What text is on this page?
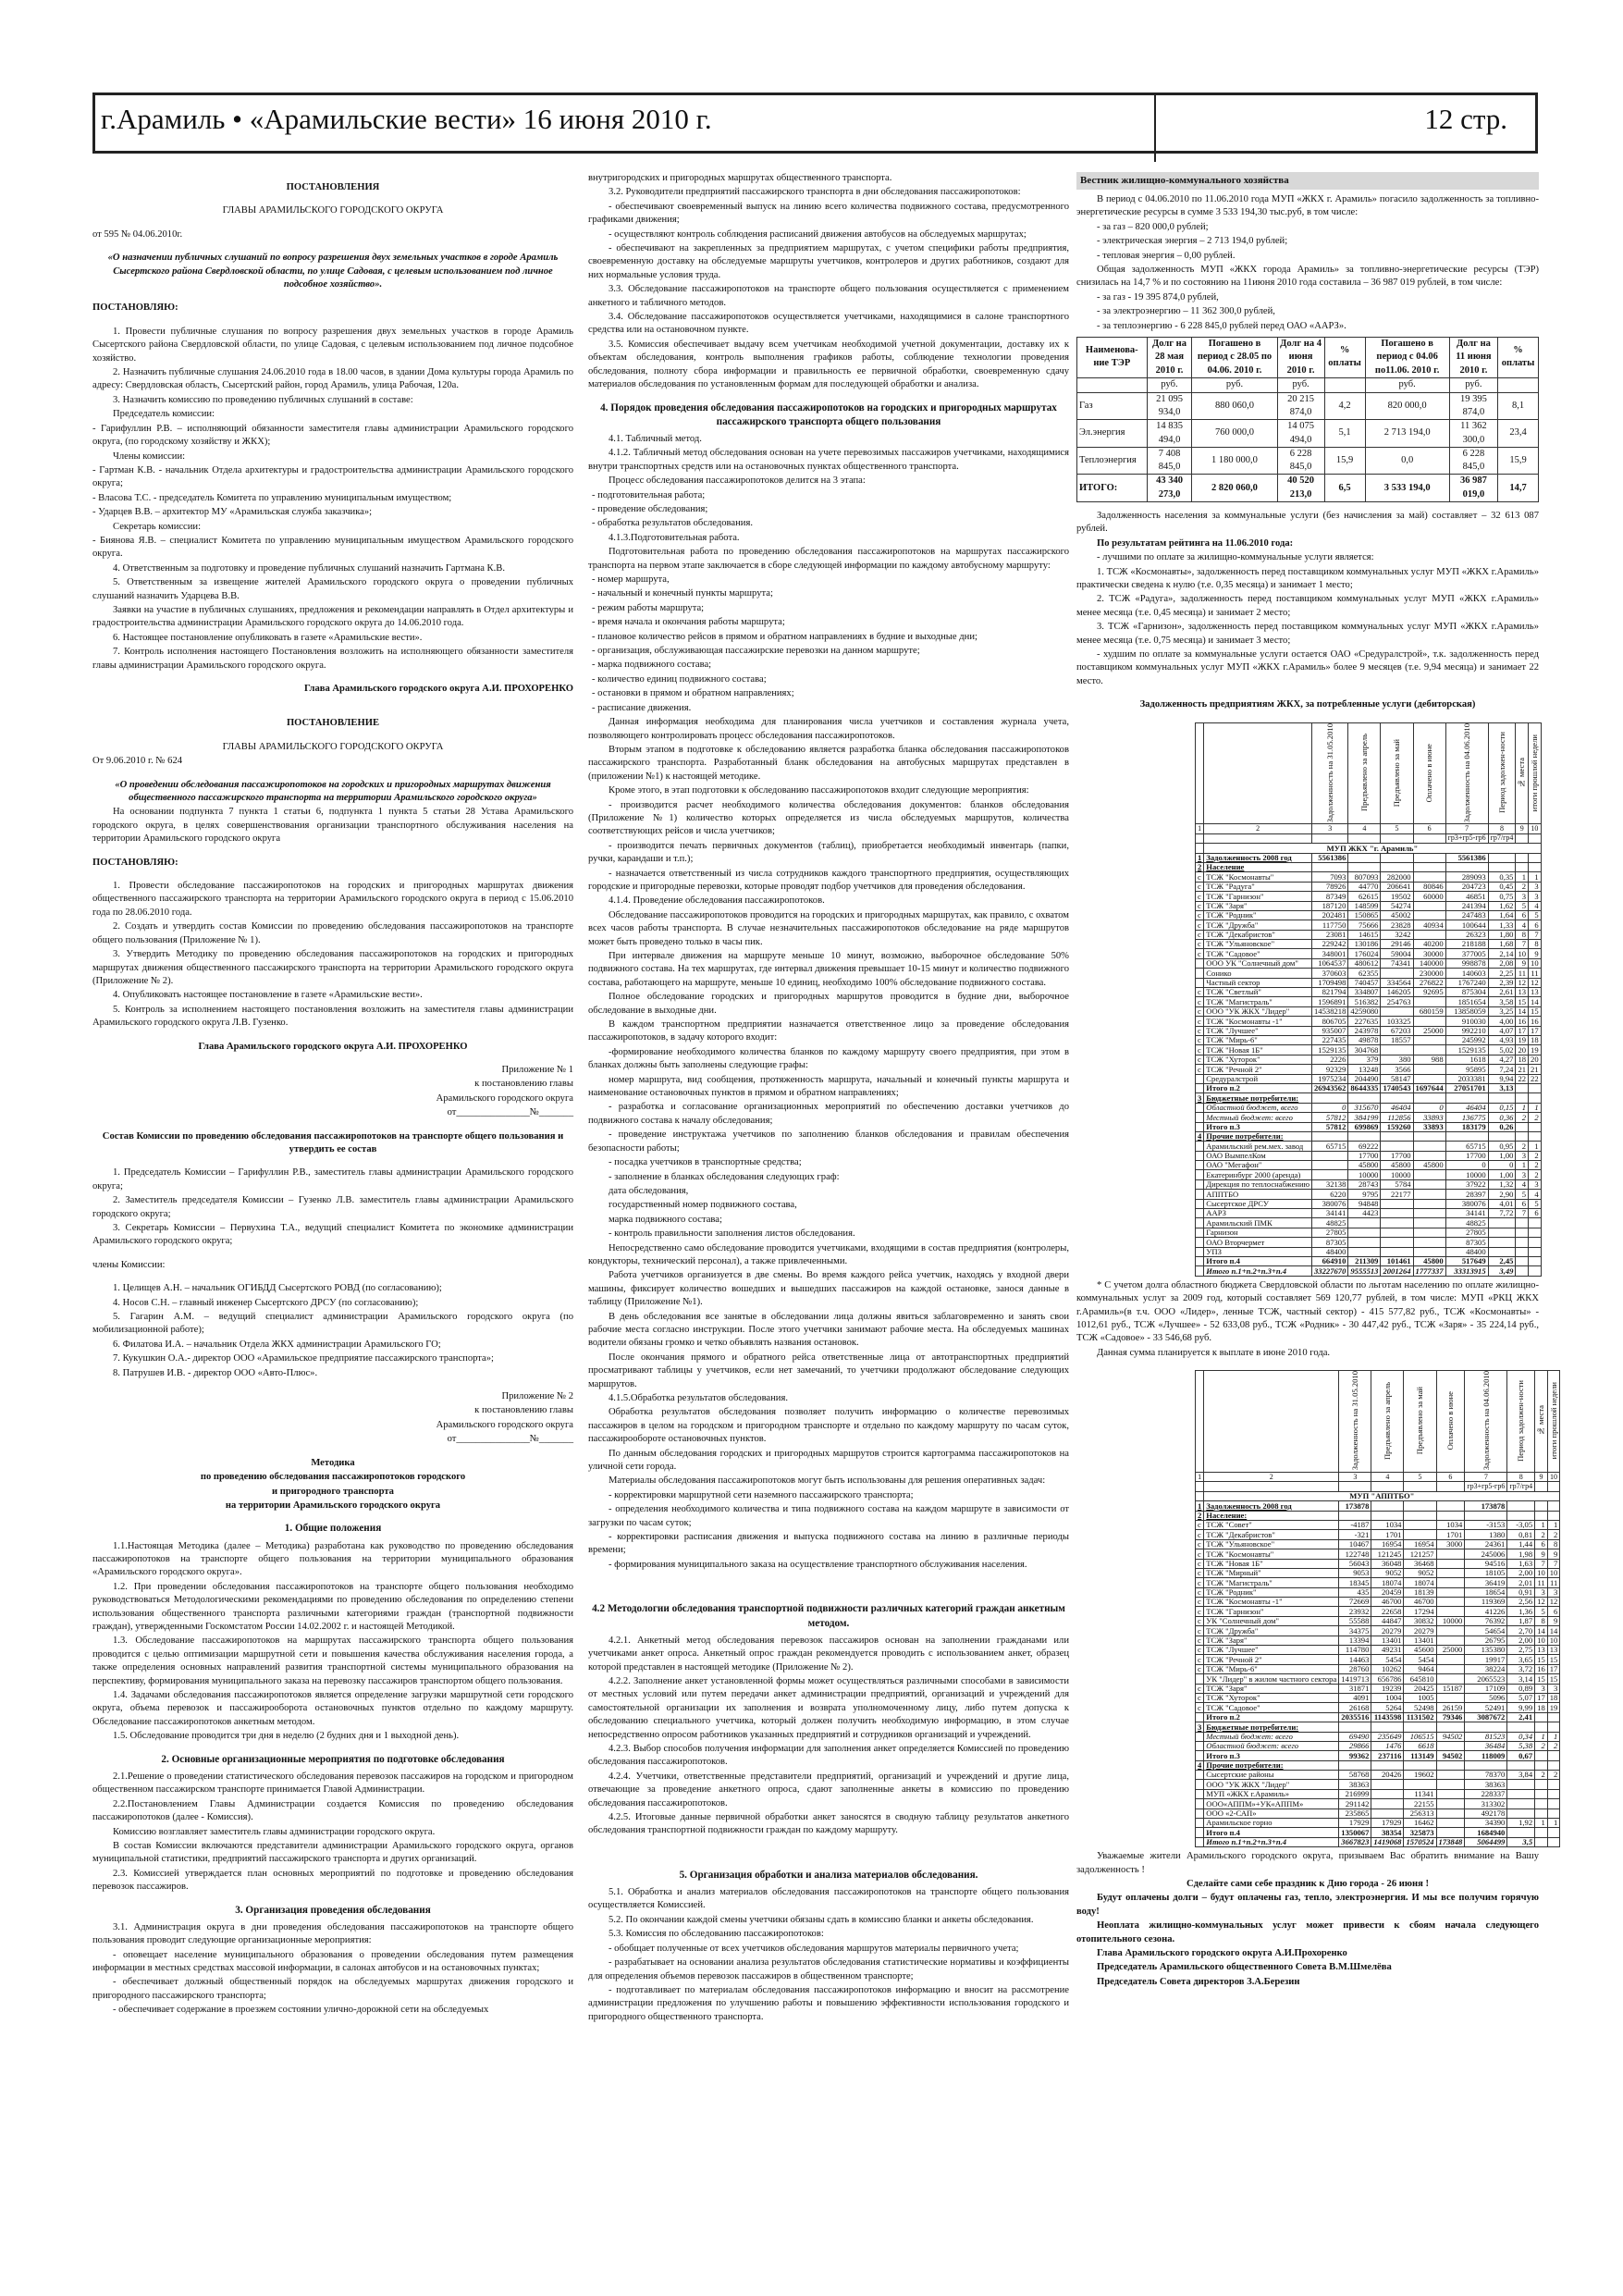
г.Арамиль • «Арамильские вести» 16 июня 2010 г.	12 стр.

ПОСТАНОВЛЕНИЯ

ГЛАВЫ АРАМИЛЬСКОГО ГОРОДСКОГО ОКРУГА

от 595 № 04.06.2010г.

«О назначении публичных слушаний по вопросу разрешения двух земельных участков в городе Арамиль Сысертского района Свердловской области, по улице Садовая, с целевым использованием под личное подсобное хозяйство».

ПОСТАНОВЛЯЮ:

1. Провести публичные слушания по вопросу разрешения двух земельных участков в городе Арамиль Сысертского района Свердловской области, по улице Садовая, с целевым использованием под личное подсобное хозяйство.

2. Назначить публичные слушания 24.06.2010 года в 18.00 часов, в здании Дома культуры города Арамиль по адресу: Свердловская область, Сысертский район, город Арамиль, улица Рабочая, 120а.

3. Назначить комиссию по проведению публичных слушаний в составе:

Председатель комиссии:

- Гарифуллин Р.В. – исполняющий обязанности заместителя главы администрации Арамильского городского округа, (по городскому хозяйству и ЖКХ);

Члены комиссии:

- Гартман К.В. - начальник Отдела архитектуры и градостроительства администрации Арамильского городского округа;

- Власова Т.С. - председатель Комитета по управлению муниципальным имуществом;

- Ударцев В.В. – архитектор МУ «Арамильская служба заказчика»;

Секретарь комиссии:

- Биянова Я.В. – специалист Комитета по управлению муниципальным имуществом Арамильского городского округа.

4. Ответственным за подготовку и проведение публичных слушаний назначить Гартмана К.В.

5. Ответственным за извещение жителей Арамильского городского округа о проведении публичных слушаний назначить Ударцева В.В.

Заявки на участие в публичных слушаниях, предложения и рекомендации направлять в Отдел архитектуры и градостроительства администрации Арамильского городского округа до 14.06.2010 года.

6. Настоящее постановление опубликовать в газете «Арамильские вести».

7. Контроль исполнения настоящего Постановления возложить на исполняющего обязанности заместителя главы администрации Арамильского городского округа.

Глава Арамильского городского округа А.И. ПРОХОРЕНКО

ПОСТАНОВЛЕНИЕ

ГЛАВЫ АРАМИЛЬСКОГО ГОРОДСКОГО ОКРУГА

От 9.06.2010 г. № 624

«О проведении обследования пассажиропотоков на городских и пригородных маршрутах движения общественного пассажирского транспорта на территории Арамильского городского округа»

На основании подпункта 7 пункта 1 статьи 6, подпункта 1 пункта 5 статьи 28 Устава Арамильского городского округа, в целях совершенствования организации транспортного обслуживания населения на территории Арамильского городского округа

ПОСТАНОВЛЯЮ:

1. Провести обследование пассажиропотоков на городских и пригородных маршрутах движения общественного пассажирского транспорта на территории Арамильского городского округа в период с 15.06.2010 года по 28.06.2010 года.

2. Создать и утвердить состав Комиссии по проведению обследования пассажиропотоков на транспорте общего пользования (Приложение № 1).

3. Утвердить Методику по проведению обследования пассажиропотоков на городских и пригородных маршрутах движения общественного пассажирского транспорта на территории Арамильского городского округа (Приложение № 2).

4. Опубликовать настоящее постановление в газете «Арамильские вести».

5. Контроль за исполнением настоящего постановления возложить на заместителя главы администрации Арамильского городского округа Л.В. Гузенко.

Глава Арамильского городского округа А.И. ПРОХОРЕНКО

Приложение № 1

к постановлению главы

Арамильского городского округа

от_______________№_______

Состав Комиссии по проведению обследования пассажиропотоков на транспорте общего пользования и утвердить ее состав

1. Председатель Комиссии – Гарифуллин Р.В., заместитель главы администрации Арамильского городского округа;

2. Заместитель председателя Комиссии – Гузенко Л.В. заместитель главы администрации Арамильского городского округа;

3. Секретарь Комиссии – Первухина Т.А., ведущий специалист Комитета по экономике администрации Арамильского городского округа;

члены Комиссии:

1. Целищев А.Н. – начальник ОГИБДД Сысертского РОВД (по согласованию);

4. Носов С.Н. – главный инженер Сысертского ДРСУ (по согласованию);

5. Гагарин А.М. – ведущий специалист администрации Арамильского городского округа (по мобилизационной работе);

6. Филатова И.А. – начальник Отдела ЖКХ администрации Арамильского ГО;

7. Кукушкин О.А.- директор ООО «Арамильское предприятие пассажирского транспорта»;

8. Патрушев И.В. - директор ООО «Авто-Плюс».

Приложение № 2

к постановлению главы

Арамильского городского округа

от_______________№_______

Методика

по проведению обследования пассажиропотоков городского

и пригородного транспорта

на территории Арамильского городского округа

1. Общие положения

1.1.Настоящая Методика (далее – Методика) разработана как руководство по проведению обследования пассажиропотоков на транспорте общего пользования на территории муниципального образования «Арамильского городского округа».

1.2. При проведении обследования пассажиропотоков на транспорте общего пользования необходимо руководствоваться Методологическими рекомендациями по проведению обследования по определению степени использования общественного транспорта различными категориями граждан (транспортной подвижности граждан), утвержденными Госкомстатом России 14.02.2002 г. и настоящей Методикой.

1.3. Обследование пассажиропотоков на маршрутах пассажирского транспорта общего пользования проводится с целью оптимизации маршрутной сети и повышения качества обслуживания населения города, а также определения основных направлений развития транспортной системы муниципального образования на перспективу, формирования муниципального заказа на перевозку пассажиров транспортом общего пользования.

1.4. Задачами обследования пассажиропотоков является определение загрузки маршрутной сети городского округа, объема перевозок и пассажирооборота остановочных пунктов отдельно по каждому маршруту. Обследование пассажиропотоков анкетным методом.

1.5. Обследование проводится три дня в неделю (2 будних дня и 1 выходной день).

2. Основные организационные мероприятия по подготовке обследования

2.1.Решение о проведении статистического обследования перевозок пассажиров на городском и пригородном общественном пассажирском транспорте принимается Главой Администрации.

2.2.Постановлением Главы Администрации создается Комиссия по проведению обследования пассажиропотоков (далее - Комиссия).

Комиссию возглавляет заместитель главы администрации городского округа.

В состав Комиссии включаются представители администрации Арамильского городского округа, органов муниципальной статистики, предприятий пассажирского транспорта и других организаций.

2.3. Комиссией утверждается план основных мероприятий по подготовке и проведению обследования перевозок пассажиров.

3. Организация проведения обследования

3.1. Администрация округа в дни проведения обследования пассажиропотоков на транспорте общего пользования проводит следующие организационные мероприятия:

- оповещает население муниципального образования о проведении обследования путем размещения информации в местных средствах массовой информации, в салонах автобусов и на остановочных пунктах;

- обеспечивает должный общественный порядок на обследуемых маршрутах движения городского и пригородного пассажирского транспорта;

- обеспечивает содержание в проезжем состоянии улично-дорожной сети на обследуемых

внутригородских и пригородных маршрутах общественного транспорта.

3.2. Руководители предприятий пассажирского транспорта в дни обследования пассажиропотоков:

- обеспечивают своевременный выпуск на линию всего количества подвижного состава, предусмотренного графиками движения;

- осуществляют контроль соблюдения расписаний движения автобусов на обследуемых маршрутах;

- обеспечивают на закрепленных за предприятием маршрутах, с учетом специфики работы предприятия, своевременную доставку на обследуемые маршруты учетчиков, контролеров и других работников, создают для них нормальные условия труда.

3.3. Обследование пассажиропотоков на транспорте общего пользования осуществляется с применением анкетного и табличного методов.

3.4. Обследование пассажиропотоков осуществляется учетчиками, находящимися в салоне транспортного средства или на остановочном пункте.

3.5. Комиссия обеспечивает выдачу всем учетчикам необходимой учетной документации, доставку их к объектам обследования, контроль выполнения графиков работы, соблюдение технологии проведения обследования, полноту сбора информации и правильность ее первичной обработки, своевременную сдачу материалов обследования по установленным формам для последующей обработки и анализа.

4. Порядок проведения обследования пассажиропотоков на городских и пригородных маршрутах пассажирского транспорта общего пользования

4.1. Табличный метод.

4.1.2. Табличный метод обследования основан на учете перевозимых пассажиров учетчиками, находящимися внутри транспортных средств или на остановочных пунктах общественного транспорта.

Процесс обследования пассажиропотоков делится на 3 этапа:

- подготовительная работа;

- проведение обследования;

- обработка результатов обследования.

4.1.3.Подготовительная работа.

Подготовительная работа по проведению обследования пассажиропотоков на маршрутах пассажирского транспорта на первом этапе заключается в сборе следующей информации по каждому автобусному маршруту:

- номер маршрута,

- начальный и конечный пункты маршрута;

- режим работы маршрута;

- время начала и окончания работы маршрута;

- плановое количество рейсов в прямом и обратном направлениях в будние и выходные дни;

- организация, обслуживающая пассажирские перевозки на данном маршруте;

- марка подвижного состава;

- количество единиц подвижного состава;

- остановки в прямом и обратном направлениях;

- расписание движения.

Данная информация необходима для планирования числа учетчиков и составления журнала учета, позволяющего контролировать процесс обследования пассажиропотоков.

Вторым этапом в подготовке к обследованию является разработка бланка обследования пассажиропотоков пассажирского транспорта. Разработанный бланк обследования на автобусных маршрутах представлен в (приложении №1) к настоящей методике.

Кроме этого, в этап подготовки к обследованию пассажиропотоков входит следующие мероприятия:

- производится расчет необходимого количества обследования документов: бланков обследования (Приложение №1) количество которых определяется из числа обследуемых маршрутов, количества соответствующих рейсов и числа учетчиков;

- производится печать первичных документов (таблиц), приобретается необходимый инвентарь (папки, ручки, карандаши и т.п.);

- назначается ответственный из числа сотрудников каждого транспортного предприятия, осуществляющих городские и пригородные перевозки, которые проводят подбор учетчиков для проведения обследования.

4.1.4. Проведение обследования пассажиропотоков.

Обследование пассажиропотоков проводится на городских и пригородных маршрутах, как правило, с охватом всех часов работы транспорта. В случае незначительных пассажиропотоков обследование на ряде маршрутов может быть проведено только в часы пик.

При интервале движения на маршруте меньше 10 минут, возможно, выборочное обследование 50% подвижного состава. На тех маршрутах, где интервал движения превышает 10-15 минут и количество подвижного состава, работающего на маршруте, меньше 10 единиц, необходимо 100% обследование подвижного состава.

Полное обследование городских и пригородных маршрутов проводится в будние дни, выборочное обследование в выходные дни.

В каждом транспортном предприятии назначается ответственное лицо за проведение обследования пассажиропотоков, в задачу которого входит:

-формирование необходимого количества бланков по каждому маршруту своего предприятия, при этом в бланках должны быть заполнены следующие графы:

номер маршрута, вид сообщения, протяженность маршрута, начальный и конечный пункты маршрута и наименование остановочных пунктов в прямом и обратном направлениях;

- разработка и согласование организационных мероприятий по обеспечению доставки учетчиков до подвижного состава к началу обследования;

- проведение инструктажа учетчиков по заполнению бланков обследования и правилам обеспечения безопасности работы;

- посадка учетчиков в транспортные средства;

- заполнение в бланках обследования следующих граф:

дата обследования,

государственный номер подвижного состава,

марка подвижного состава;

- контроль правильности заполнения листов обследования.

Непосредственно само обследование проводится учетчиками, входящими в состав предприятия (контролеры, кондукторы, технический персонал), а также привлеченными.

Работа учетчиков организуется в две смены. Во время каждого рейса учетчик, находясь у входной двери машины, фиксирует количество вошедших и вышедших пассажиров на каждой остановке, занося данные в таблицу (Приложение №1).

В день обследования все занятые в обследовании лица должны явиться заблаговременно и занять свои рабочие места согласно инструкции. После этого учетчики занимают рабочие места. На обследуемых машинах водители обязаны громко и четко объявлять названия остановок.

После окончания прямого и обратного рейса ответственные лица от автотранспортных предприятий просматривают таблицы у учетчиков, если нет замечаний, то учетчики продолжают обследование следующих маршрутов.

4.1.5.Обработка результатов обследования.

Обработка результатов обследования позволяет получить информацию о количестве перевозимых пассажиров в целом на городском и пригородном транспорте и отдельно по каждому маршруту по часам суток, пассажирообороте остановочных пунктов.

По данным обследования городских и пригородных маршрутов строится картограмма пассажиропотоков на уличной сети города.

Материалы обследования пассажиропотоков могут быть использованы для решения оперативных задач:

- корректировки маршрутной сети наземного пассажирского транспорта;

- определения необходимого количества и типа подвижного состава на каждом маршруте в зависимости от загрузки по часам суток;

- корректировки расписания движения и выпуска подвижного состава на линию в различные периоды времени;

- формирования муниципального заказа на осуществление транспортного обслуживания населения.

4.2 Методологии обследования транспортной подвижности различных категорий граждан анкетным методом.

4.2.1. Анкетный метод обследования перевозок пассажиров основан на заполнении гражданами или учетчиками анкет опроса. Анкетный опрос граждан рекомендуется проводить с использованием анкет, образец которой представлен в настоящей методике (Приложение № 2).

4.2.2. Заполнение анкет установленной формы может осуществляться различными способами в зависимости от местных условий или путем передачи анкет администрации предприятий, организаций и учреждений для самостоятельной организации их заполнения и возврата уполномоченному лицу, либо путем допуска к обследованию специального учетчика, который должен получить необходимую информацию, в этом случае непосредственно опросом работников указанных предприятий и сотрудников организаций и учреждений.

4.2.3. Выбор способов получения информации для заполнения анкет определяется Комиссией по проведению обследования пассажиропотоков.

4.2.4. Учетчики, ответственные представители предприятий, организаций и учреждений и другие лица, отвечающие за проведение анкетного опроса, сдают заполненные анкеты в комиссию по проведению обследования пассажиропотоков.

4.2.5. Итоговые данные первичной обработки анкет заносятся в сводную таблицу результатов анкетного обследования транспортной подвижности граждан по каждому маршруту.

5. Организация обработки и анализа материалов обследования.

5.1. Обработка и анализ материалов обследования пассажиропотоков на транспорте общего пользования осуществляется Комиссией.

5.2. По окончании каждой смены учетчики обязаны сдать в комиссию бланки и анкеты обследования.

5.3. Комиссия по обследованию пассажиропотоков:

- обобщает полученные от всех учетчиков обследования маршрутов материалы первичного учета;

- разрабатывает на основании анализа результатов обследования статистические нормативы и коэффициенты для определения объемов перевозок пассажиров в общественном транспорте;

- подготавливает по материалам обследования пассажиропотоков информацию и вносит на рассмотрение администрации предложения по улучшению работы и повышению эффективности использования городского и пригородного общественного транспорта.

Вестник жилищно-коммунального хозяйства

В период с 04.06.2010 по 11.06.2010 года МУП «ЖКХ г. Арамиль» погасило задолженность за топливно-энергетические ресурсы в сумме 3 533 194,30 тыс.руб, в том числе:

- за газ – 820 000,0 рублей;

- электрическая энергия – 2 713 194,0 рублей;

- тепловая энергия – 0,00 рублей.

Общая задолженность МУП «ЖКХ города Арамиль» за топливно-энергетические ресурсы (ТЭР) снизилась на 14,7 % и по состоянию на 11июня 2010 года составила – 36 987 019 рублей, в том числе:

- за газ - 19 395 874,0 рублей,

- за электроэнергию – 11 362 300,0 рублей,

- за теплоэнергию - 6 228 845,0 рублей перед ОАО «ААРЗ».

Наименова-ние ТЭР	Долг на 28 мая 2010 г.	Погашено в период с 28.05 по 04.06. 2010 г.	Долг на 4 июня 2010 г.	% оплаты	Погашено в период с 04.06 по11.06. 2010 г.	Долг на 11 июня 2010 г.	% оплаты
	руб.	руб.	руб.		руб.	руб.	
Газ	21 095 934,0	880 060,0	20 215 874,0	4,2	820 000,0	19 395 874,0	8,1
Эл.энергия	14 835 494,0	760 000,0	14 075 494,0	5,1	2 713 194,0	11 362 300,0	23,4
Теплоэнергия	7 408 845,0	1 180 000,0	6 228 845,0	15,9	0,0	6 228 845,0	15,9
ИТОГО:	43 340 273,0	2 820 060,0	40 520 213,0	6,5	3 533 194,0	36 987 019,0	14,7

Задолженность населения за коммунальные услуги (без начисления за май) составляет – 32 613 087 рублей.

По результатам рейтинга на 11.06.2010 года:

- лучшими по оплате за жилищно-коммунальные услуги является:

1. ТСЖ «Космонавты», задолженность перед поставщиком коммунальных услуг МУП «ЖКХ г.Арамиль» практически сведена к нулю (т.е. 0,35 месяца) и занимает 1 место;

2. ТСЖ «Радуга», задолженность перед поставщиком коммунальных услуг МУП «ЖКХ г.Арамиль» менее месяца (т.е. 0,45 месяца) и занимает 2 место;

3. ТСЖ «Гарнизон», задолженность перед поставщиком коммунальных услуг МУП «ЖКХ г.Арамиль» менее месяца (т.е. 0,75 месяца) и занимает 3 место;

- худшим по оплате за коммунальные услуги остается ОАО «Средуралстрой», т.к. задолженность перед поставщиком коммунальных услуг МУП «ЖКХ г.Арамиль» более 9 месяцев (т.е. 9,94 месяца) и занимает 22 место.

Задолженность предприятиям ЖКХ, за потребленные услуги (дебиторская)

		Задолженность на 31.05.2010	Предъявлено за апрель	Предъявлено за май	Оплачено в июне	Задолженность на 04.06.2010	Период задолжен-ности	№ места	итоги прошлой недели
1	2	3	4	5	6	7	8	9	10
						гр3+гр5-гр6	гр7/гр4		
	МУП ЖКХ "г. Арамиль"								
1	Задолженность 2008 год	5561386				5561386			
2	Население								
с	ТСЖ "Космонавты"	7093	807093	282000		289093	0,35	1	1
с	ТСЖ "Радуга"	78926	44770	206641	80846	204723	0,45	2	3
с	ТСЖ "Гарнизон"	87349	62615	19502	60000	46851	0,75	3	3
с	ТСЖ "Заря"	187120	148599	54274		241394	1,62	5	4
с	ТСЖ "Родник"	202481	150865	45002		247483	1,64	6	5
с	ТСЖ "Дружба"	117750	75666	23828	40934	100644	1,33	4	6
с	ТСЖ "Декабристов"	23081	14615	3242		26323	1,80	8	7
с	ТСЖ "Ульяновское"	229242	130186	29146	40200	218188	1,68	7	8
с	ТСЖ "Садовое"	348001	176024	59004	30000	377005	2,14	10	9
	ООО УК "Солнечный дом"	1064537	480612	74341	140000	998878	2,08	9	10
	Сонико	370603	62355		230000	140603	2,25	11	11
	Частный сектор	1709498	740457	334564	276822	1767240	2,39	12	12
с	ТСЖ "Светлый"	821794	334807	146205	92695	875304	2,61	13	13
с	ТСЖ "Магистраль"	1596891	516382	254763		1851654	3,58	15	14
с	ООО "УК ЖКХ "Лидер"	14538218	4259080		680159	13858059	3,25	14	15
с	ТСЖ "Космонавты -1"	806705	227635	103325		910030	4,00	16	16
с	ТСЖ "Лучшее"	935007	243978	67203	25000	992210	4,07	17	17
с	ТСЖ "Мирь-6"	227435	49878	18557		245992	4,93	19	18
с	ТСЖ "Новая 1Б"	1529135	304768			1529135	5,02	20	19
с	ТСЖ "Хуторок"	2226	379	380	988	1618	4,27	18	20
с	ТСЖ "Речной 2"	92329	13248	3566		95895	7,24	21	21
	Средуралстрой	1975234	204490	58147		2033381	9,94	22	22
	Итого п.2	26943562	8644335	1740543	1697644	27051701	3,13		
3	Бюджетные потребители:								
	Областной бюджет, всего	0	315670	46404	0	46404	0,15	1	1
	Местный бюджет: всего	57812	384199	112856	33893	136775	0,36	2	2
	Итого п.3	57812	699869	159260	33893	183179	0,26		
4	Прочие потребители:								
	Арамильский рем.мех. завод	65715	69222			65715	0,95	2	1
	ОАО ВымпелКом		17700	17700		17700	1,00	3	2
	ОАО "Мегафон"		45800	45800	45800	0	0	1	2
	Екатеринбург 2000 (аренда)		10000	10000		10000	1,00	3	2
	Дирекция по теплоснабжению	32138	28743	5784		37922	1,32	4	3
	АППТБО	6220	9795	22177		28397	2,90	5	4
	Сысертское ДРСУ	380076	94848			380076	4,01	6	5
	ААРЗ	34141	4423			34141	7,72	7	6
	Арамильский ПМК	48825				48825			
	Гарнизон	27805				27805			
	ОАО Вторчермет	87305				87305			
	УПЗ	48400				48400			
	Итого п.4	664910	211309	101461	45800	517649	2,45		
	Итого п.1+п.2+п.3+п.4	33227670	9555513	2001264	1777337	33313915	3,49		

* С учетом долга областного бюджета Свердловской области по льготам населению по оплате жилищно-коммунальных услуг за 2009 год, который составляет 569 120,77 рублей, в том числе: МУП «РКЦ ЖКХ г.Арамиль»(в т.ч. ООО «Лидер», ленные ТСЖ, частный сектор) - 415 577,82 руб., ТСЖ «Космонавты» - 1012,61 руб., ТСЖ «Лучшее» - 52 633,08 руб., ТСЖ «Родник» - 30 447,42 руб., ТСЖ «Заря» - 35 224,14 руб., ТСЖ «Садовое» - 33 546,68 руб.

Данная сумма планируется к выплате в июне 2010 года.

		Задолженность на 31.05.2010	Предъявлено за апрель	Предъявлено за май	Оплачено в июне	Задолженность на 04.06.2010	Период задолжен-ности	№ места	итоги прошлой недели
1	2	3	4	5	6	7	8	9	10
						гр3+гр5-гр6	гр7/гр4		
	МУП "АППТБО"								
1	Задолженность 2008 год	173878				173878			
2	Население:								
с	ТСЖ "Совет"	-4187	1034		1034	-3153	-3,05	1	1
с	ТСЖ "Декабристов"	-321	1701		1701	1380	0,81	2	2
с	ТСЖ "Ульяновское"	10467	16954	16954	3000	24361	1,44	6	8
с	ТСЖ "Космонавты"	122748	121245	121257		245006	1,98	9	9
с	ТСЖ "Новая 1Б"	56043	36048	36468		94516	1,63	7	7
с	ТСЖ "Мирный"	9053	9052	9052		18105	2,00	10	10
с	ТСЖ "Магистраль"	18345	18074	18074		36419	2,01	11	11
с	ТСЖ "Родник"	435	20459	18139		18654	0,91	3	3
с	ТСЖ "Космонавты -1"	72669	46700	46700		119369	2,56	12	12
с	ТСЖ "Гарнизон"	23932	22658	17294		41226	1,36	5	6
с	УК "Солнечный дом"	55588	44847	30832	10000	76392	1,87	8	9
с	ТСЖ "Дружба"	34375	20279	20279		54654	2,70	14	14
с	ТСЖ "Заря"	13394	13401	13401		26795	2,00	10	10
с	ТСЖ "Лучшее"	114780	49231	45600	25000	135380	2,75	13	13
с	ТСЖ "Речной 2"	14463	5454	5454		19917	3,65	15	15
с	ТСЖ "Мирь-6"	28760	10262	9464		38224	3,72	16	17
	УК "Лидер" в жилом частного сектора	1419713	656786	645810		2065523	3,14	15	15
с	ТСЖ "Заря"	31871	19239	20425	15187	17109	0,89	3	3
с	ТСЖ "Хуторок"	4091	1004	1005		5096	5,07	17	18
с	ТСЖ "Садовое"	26168	5264	52498	26159	52491	9,99	18	19
	Итого п.2	2035516	1143598	1131502	79346	3087672	2,41		
3	Бюджетные потребители:								
	Местный бюджет: всего	69490	235649	106515	94502	81523	0,34	1	1
	Областной бюджет: всего	29866	1476	6618		36484	5,38	2	2
	Итого п.3	99362	237116	113149	94502	118009	0,67		
4	Прочие потребители:								
	Сысертские районы	58768	20426	19602		78370	3,84	2	2
	ООО "УК ЖКХ "Лидер"	38363				38363			
	МУП «ЖКХ г.Арамиль»	216999		11341		228337			
	ООО«АППМ»+УК«АППМ»	291142		22155		313302			
	ООО «2-САП»	235865		256313		492178			
	Арамильское горно	17929	17929	16462		34390	1,92	1	1
	Итого п.4	1350067	38354	325873		1684940			
	Итого п.1+п.2+п.3+п.4	3667823	1419068	1570524	173848	5064499	3,5		

Уважаемые жители Арамильского городского округа, призываем Вас обратить внимание на Вашу задолженность !

Сделайте сами себе праздник к Дню города - 26 июня !

Будут оплачены долги – будут оплачены газ, тепло, электроэнергия. И мы все получим горячую воду!

Неоплата жилищно-коммунальных услуг может привести к сбоям начала следующего отопительного сезона.

Глава Арамильского городского округа А.И.Прохоренко

Председатель Арамильского общественного Совета В.М.Шмелёва

Председатель Совета директоров З.А.Березин
